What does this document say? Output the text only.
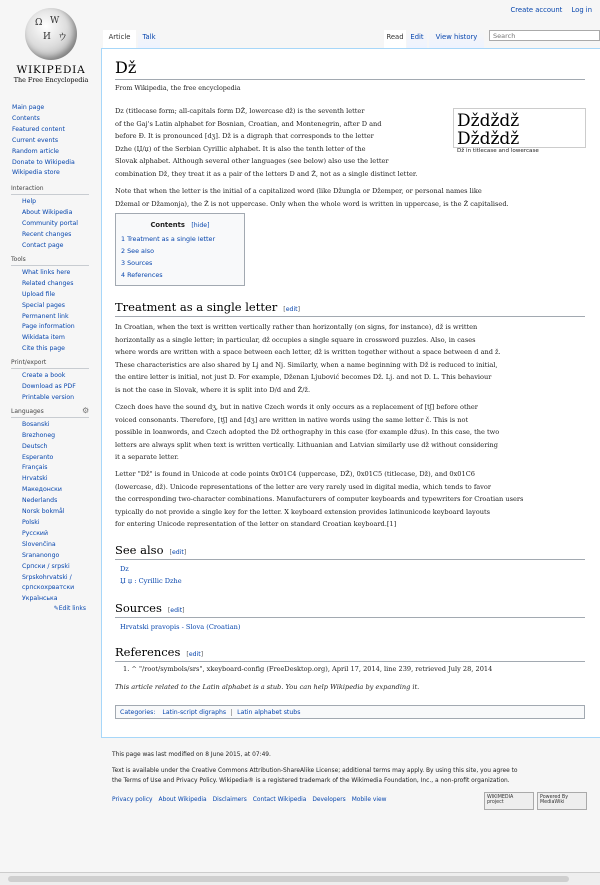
Create account Log in
Ω W
И ウ
WIKIPEDIA
The Free Encyclopedia
Main page
Contents
Featured content
Current events
Random article
Donate to Wikipedia
Wikipedia store
Interaction
Help
About Wikipedia
Community portal
Recent changes
Contact page
Tools
What links here
Related changes
Upload file
Special pages
Permanent link
Page information
Wikidata item
Cite this page
Print/export
Create a book
Download as PDF
Printable version
Languages	⚙
Bosanski
Brezhoneg
Deutsch
Esperanto
Français
Hrvatski
Македонски
Nederlands
Norsk bokmål
Polski
Русский
Slovenčina
Srananongo
Српски / srpski
Srpskohrvatski / српскохрватски
Українська
✎Edit links
Article	Talk	Read	Edit	View history
Search
Dž
From Wikipedia, the free encyclopedia
Dz (titlecase form; all-capitals form DŽ, lowercase dž) is the seventh letter
of the Gaj's Latin alphabet for Bosnian, Croatian, and Montenegrin, after D and
before Đ. It is pronounced [dʒ]. Dž is a digraph that corresponds to the letter
Dzhe (Џ/џ) of the Serbian Cyrillic alphabet. It is also the tenth letter of the
Slovak alphabet. Although several other languages (see below) also use the letter
combination Dž, they treat it as a pair of the letters D and Ž, not as a single distinct letter.
Džǆdž Džǆdž
Dž in titlecase and lowercase
Note that when the letter is the initial of a capitalized word (like Džungla or Džemper, or personal names like
Džemal or Džamonja), the Ž is not uppercase. Only when the whole word is written in uppercase, is the Ž capitalised.
Contents [hide]
1 Treatment as a single letter
2 See also
3 Sources
4 References
Treatment as a single letter [ edit ]
In Croatian, when the text is written vertically rather than horizontally (on signs, for instance), dž is written
horizontally as a single letter; in particular, dž occupies a single square in crossword puzzles. Also, in cases
where words are written with a space between each letter, dž is written together without a space between d and ž.
These characteristics are also shared by Lj and Nj. Similarly, when a name beginning with Dž is reduced to initial,
the entire letter is initial, not just D. For example, Dženan Ljubović becomes Dž. Lj. and not D. L. This behaviour
is not the case in Slovak, where it is split into D/d and Ž/ž.
Czech does have the sound dʒ, but in native Czech words it only occurs as a replacement of [tʃ] before other
voiced consonants. Therefore, [tʃ] and [dʒ] are written in native words using the same letter č. This is not
possible in loanwords, and Czech adopted the Dž orthography in this case (for example džus). In this case, the two
letters are always split when text is written vertically. Lithuanian and Latvian similarly use dž without considering
it a separate letter.
Letter "Dž" is found in Unicode at code points 0x01C4 (uppercase, DŽ), 0x01C5 (titlecase, Dž), and 0x01C6
(lowercase, dž). Unicode representations of the letter are very rarely used in digital media, which tends to favor
the corresponding two-character combinations. Manufacturers of computer keyboards and typewriters for Croatian users
typically do not provide a single key for the letter. X keyboard extension provides latinunicode keyboard layouts
for entering Unicode representation of the letter on standard Croatian keyboard.[1]
See also [ edit ]
Dz
Џ џ : Cyrillic Dzhe
Sources [ edit ]
Hrvatski pravopis - Slova (Croatian)
References [ edit ]
1. ^ "/root/symbols/srs", xkeyboard-config (FreeDesktop.org), April 17, 2014, line 239, retrieved July 28, 2014
This article related to the Latin alphabet is a stub. You can help Wikipedia by expanding it.
Categories: Latin-script digraphs Latin alphabet stubs
This page was last modified on 8 June 2015, at 07:49.
Text is available under the Creative Commons Attribution-ShareAlike License; additional terms may apply. By using this site, you agree to
the Terms of Use and Privacy Policy. Wikipedia® is a registered trademark of the Wikimedia Foundation, Inc., a non-profit organization.
Privacy policy About Wikipedia Disclaimers Contact Wikipedia Developers Mobile view	WIKIMEDIA project
Powered By MediaWiki
